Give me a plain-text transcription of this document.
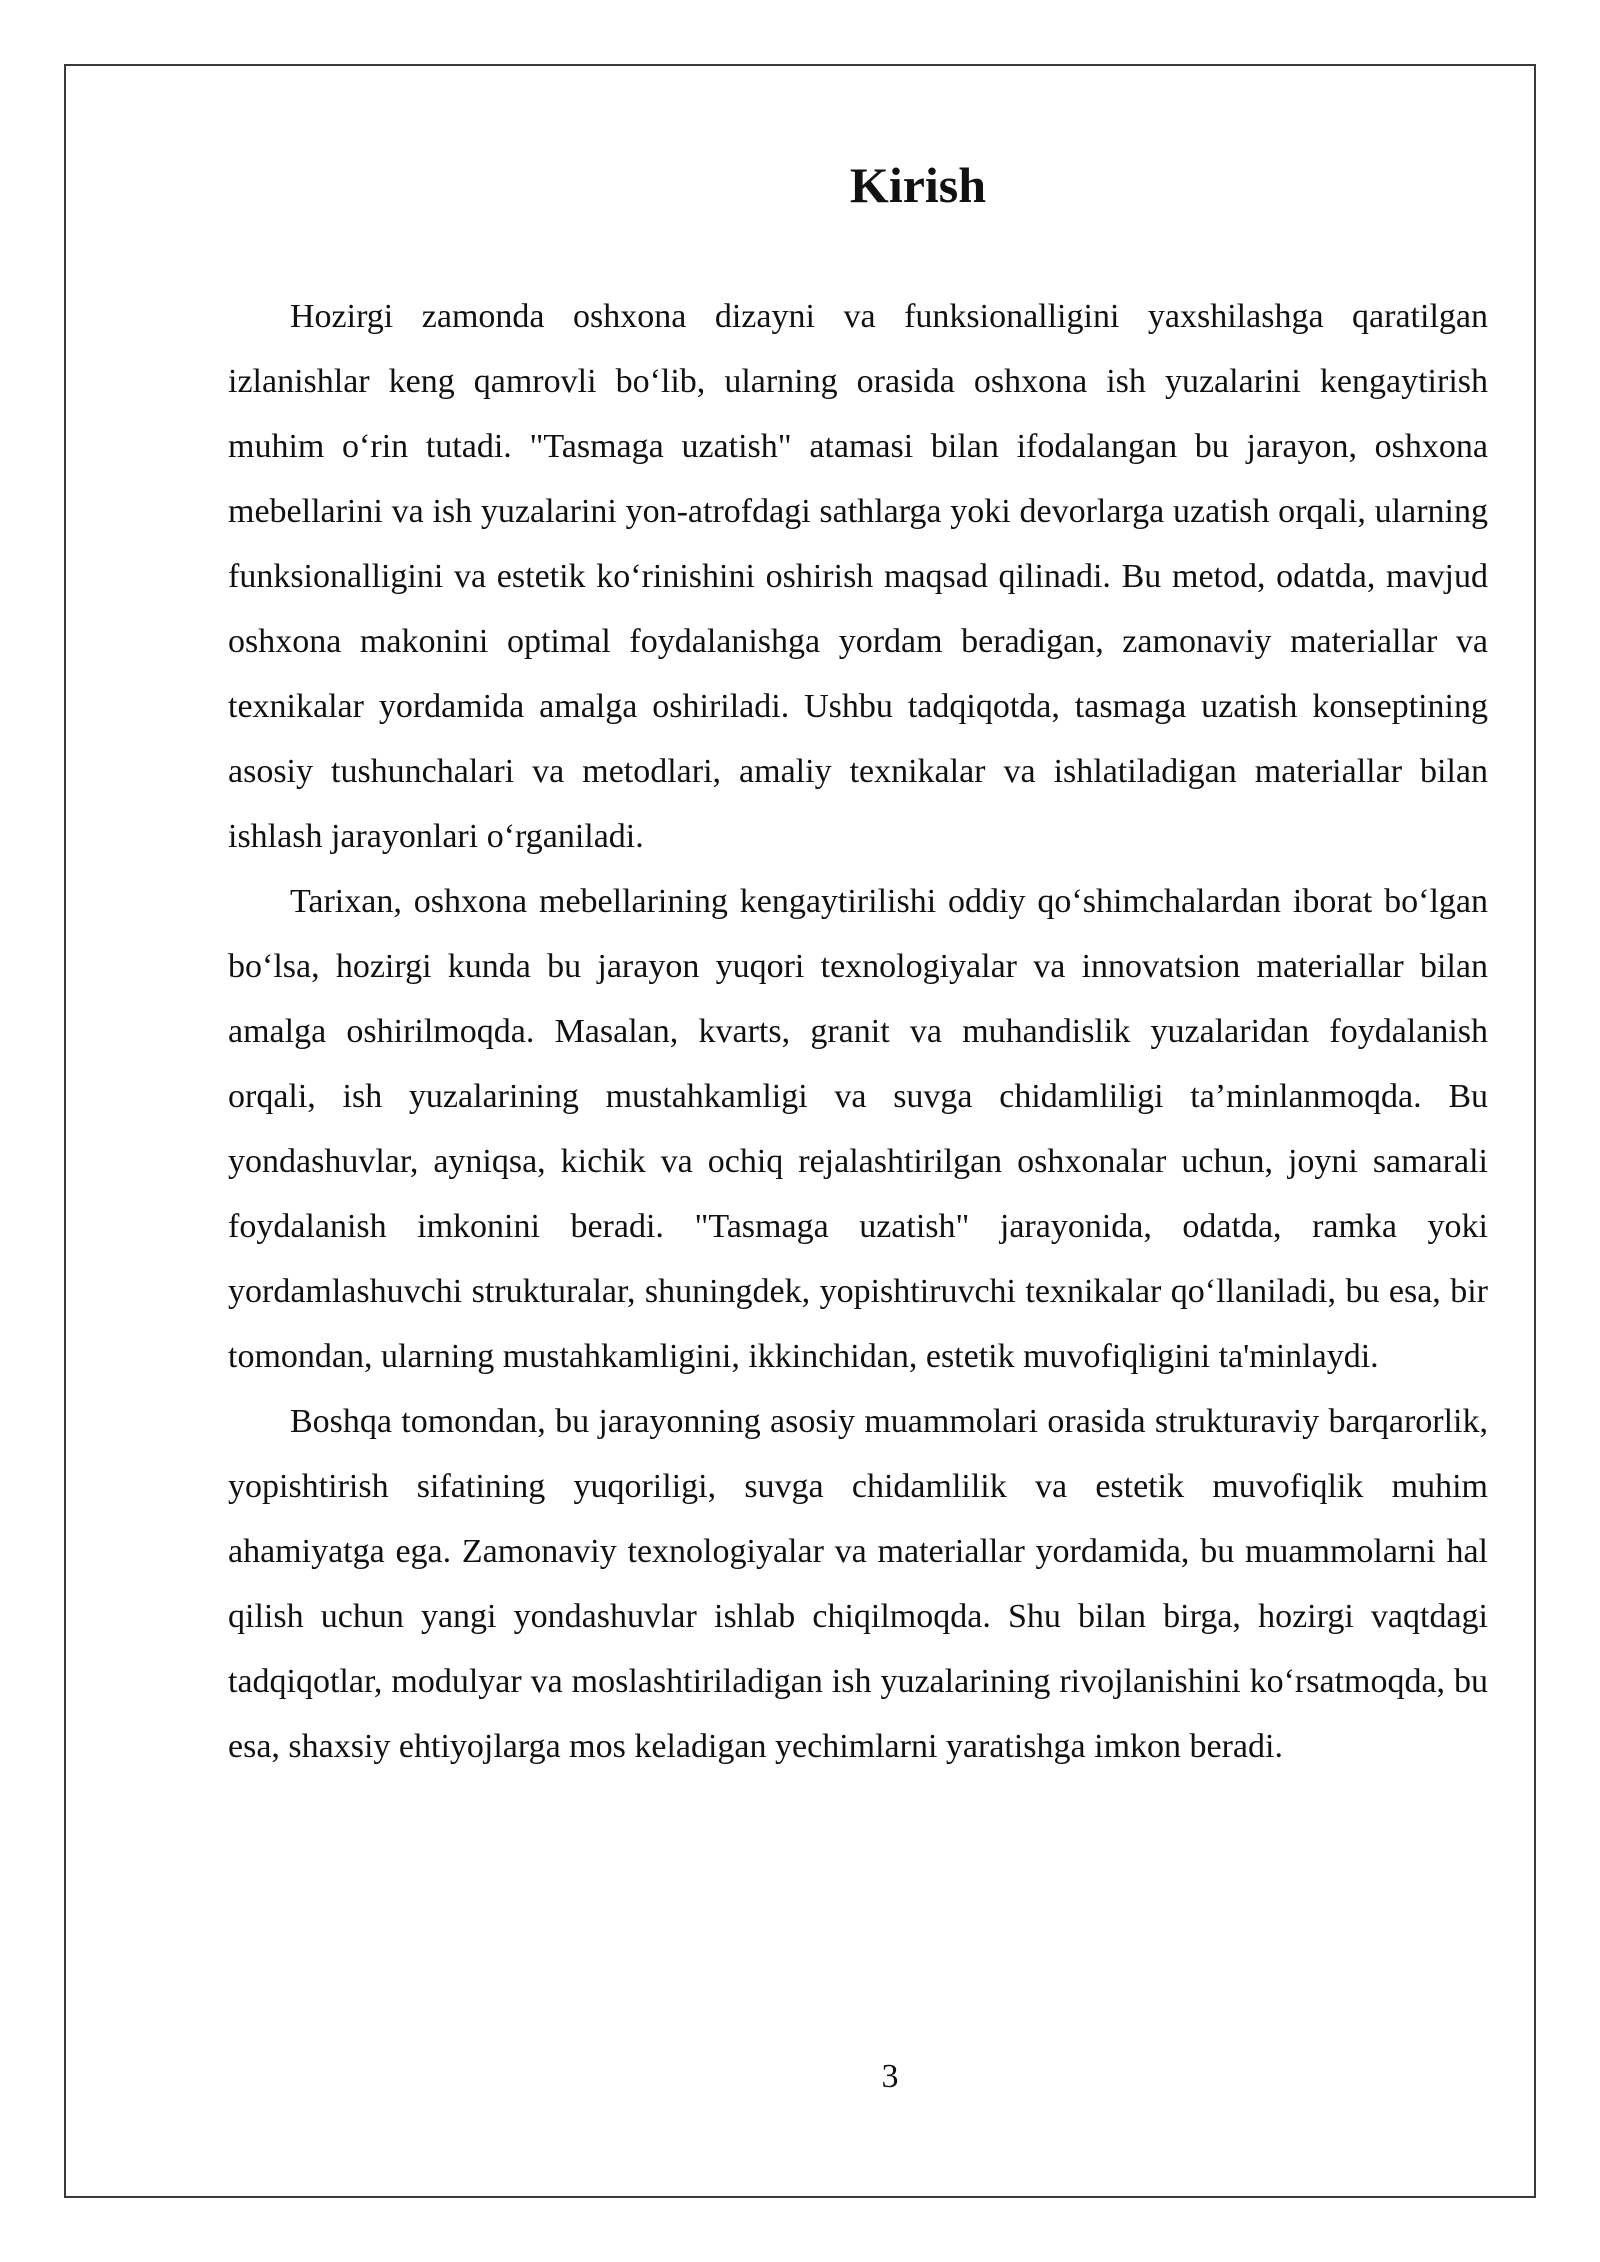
Kirish

Hozirgi zamonda oshxona dizayni va funksionalligini yaxshilashga qaratilgan izlanishlar keng qamrovli bo‘lib, ularning orasida oshxona ish yuzalarini kengaytirish muhim o‘rin tutadi. "Tasmaga uzatish" atamasi bilan ifodalangan bu jarayon, oshxona mebellarini va ish yuzalarini yon-atrofdagi sathlarga yoki devorlarga uzatish orqali, ularning funksionalligini va estetik ko‘rinishini oshirish maqsad qilinadi. Bu metod, odatda, mavjud oshxona makonini optimal foydalanishga yordam beradigan, zamonaviy materiallar va texnikalar yordamida amalga oshiriladi. Ushbu tadqiqotda, tasmaga uzatish konseptining asosiy tushunchalari va metodlari, amaliy texnikalar va ishlatiladigan materiallar bilan ishlash jarayonlari o‘rganiladi.

Tarixan, oshxona mebellarining kengaytirilishi oddiy qo‘shimchalardan iborat bo‘lgan bo‘lsa, hozirgi kunda bu jarayon yuqori texnologiyalar va innovatsion materiallar bilan amalga oshirilmoqda. Masalan, kvarts, granit va muhandislik yuzalaridan foydalanish orqali, ish yuzalarining mustahkamligi va suvga chidamliligi ta’minlanmoqda. Bu yondashuvlar, ayniqsa, kichik va ochiq rejalashtirilgan oshxonalar uchun, joyni samarali foydalanish imkonini beradi. "Tasmaga uzatish" jarayonida, odatda, ramka yoki yordamlashuvchi strukturalar, shuningdek, yopishtiruvchi texnikalar qo‘llaniladi, bu esa, bir tomondan, ularning mustahkamligini, ikkinchidan, estetik muvofiqligini ta'minlaydi.

Boshqa tomondan, bu jarayonning asosiy muammolari orasida strukturaviy barqarorlik, yopishtirish sifatining yuqoriligi, suvga chidamlilik va estetik muvofiqlik muhim ahamiyatga ega. Zamonaviy texnologiyalar va materiallar yordamida, bu muammolarni hal qilish uchun yangi yondashuvlar ishlab chiqilmoqda. Shu bilan birga, hozirgi vaqtdagi tadqiqotlar, modulyar va moslashtiriladigan ish yuzalarining rivojlanishini ko‘rsatmoqda, bu esa, shaxsiy ehtiyojlarga mos keladigan yechimlarni yaratishga imkon beradi.

3
